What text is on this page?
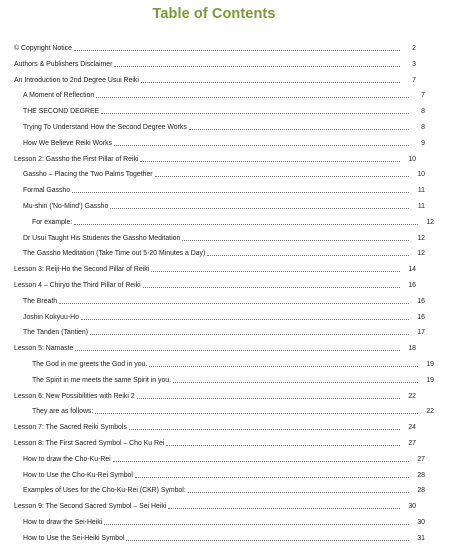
Table of Contents
© Copyright Notice	2
Authors & Publishers Disclaimer	3
An Introduction to 2nd Degree Usui Reiki	7
A Moment of Reflection	7
THE SECOND DEGREE	8
Trying To Understand How the Second Degree Works	8
How We Believe Reiki Works	9
Lesson 2: Gassho the First Pillar of Reiki	10
Gassho – Placing the Two Palms Together	10
Formal Gassho	11
Mu-shin ('No-Mind') Gassho	11
For example:	12
Dr Usui Taught His Students the Gassho Meditation	12
The Gassho Meditation (Take Time out 5-20 Minutes a Day)	12
Lesson 3: Reiji-Ho the Second Pillar of Reiki	14
Lesson 4 – Chiryo the Third Pillar of Reiki	16
The Breath	16
Joshin Kokyuu-Ho	16
The Tanden (Tantien)	17
Lesson 5: Namaste	18
The God in me greets the God in you.	19
The Spirit in me meets the same Spirit in you.	19
Lesson 6: New Possibilities with Reiki 2	22
They are as follows:	22
Lesson 7: The Sacred Reiki Symbols	24
Lesson 8: The First Sacred Symbol – Cho Ku Rei	27
How to draw the Cho-Ku-Rei	27
How to Use the Cho-Ku-Rei Symbol	28
Examples of Uses for the Cho-Ku-Rei (CKR) Symbol:	28
Lesson 9: The Second Sacred Symbol – Sei Heiki	30
How to draw the Sei-Heiki	30
How to Use the Sei-Heiki Symbol	31
